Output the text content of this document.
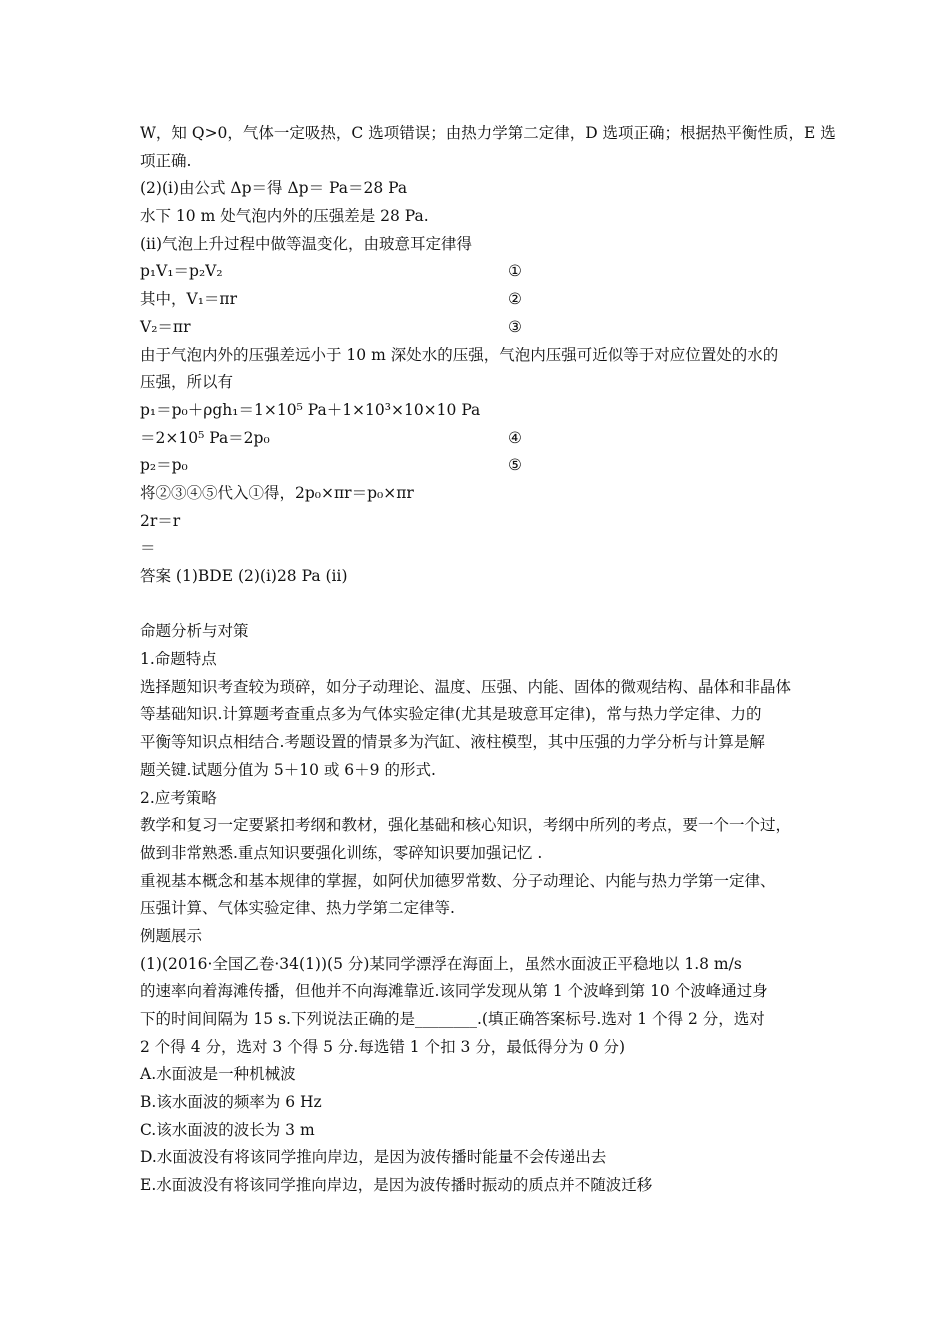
W，知 Q>0，气体一定吸热，C 选项错误；由热力学第二定律，D 选项正确；根据热平衡性质，E 选
项正确.
(2)(ⅰ)由公式 Δp＝得 Δp＝ Pa＝28 Pa
水下 10 m 处气泡内外的压强差是 28 Pa.
(ⅱ)气泡上升过程中做等温变化，由玻意耳定律得
p₁V₁＝p₂V₂	①
其中，V₁＝πr	②
V₂＝πr	③
由于气泡内外的压强差远小于 10 m 深处水的压强，气泡内压强可近似等于对应位置处的水的
压强，所以有
p₁＝p₀＋ρgh₁＝1×10⁵ Pa＋1×10³×10×10 Pa
＝2×10⁵ Pa＝2p₀	④
p₂＝p₀	⑤
将②③④⑤代入①得，2p₀×πr＝p₀×πr
2r＝r
＝
答案 (1)BDE (2)(ⅰ)28 Pa (ⅱ)
命题分析与对策
1.命题特点
选择题知识考查较为琐碎，如分子动理论、温度、压强、内能、固体的微观结构、晶体和非晶体
等基础知识.计算题考查重点多为气体实验定律(尤其是玻意耳定律)，常与热力学定律、力的
平衡等知识点相结合.考题设置的情景多为汽缸、液柱模型，其中压强的力学分析与计算是解
题关键.试题分值为 5＋10 或 6＋9 的形式.
2.应考策略
教学和复习一定要紧扣考纲和教材，强化基础和核心知识，考纲中所列的考点，要一个一个过，
做到非常熟悉.重点知识要强化训练，零碎知识要加强记忆 .
重视基本概念和基本规律的掌握，如阿伏加德罗常数、分子动理论、内能与热力学第一定律、
压强计算、气体实验定律、热力学第二定律等.
例题展示
(1)(2016·全国乙卷·34(1))(5 分)某同学漂浮在海面上，虽然水面波正平稳地以 1.8 m/s
的速率向着海滩传播，但他并不向海滩靠近.该同学发现从第 1 个波峰到第 10 个波峰通过身
下的时间间隔为 15 s.下列说法正确的是________.(填正确答案标号.选对 1 个得 2 分，选对
2 个得 4 分，选对 3 个得 5 分.每选错 1 个扣 3 分，最低得分为 0 分)
A.水面波是一种机械波
B.该水面波的频率为 6 Hz
C.该水面波的波长为 3 m
D.水面波没有将该同学推向岸边，是因为波传播时能量不会传递出去
E.水面波没有将该同学推向岸边，是因为波传播时振动的质点并不随波迁移
